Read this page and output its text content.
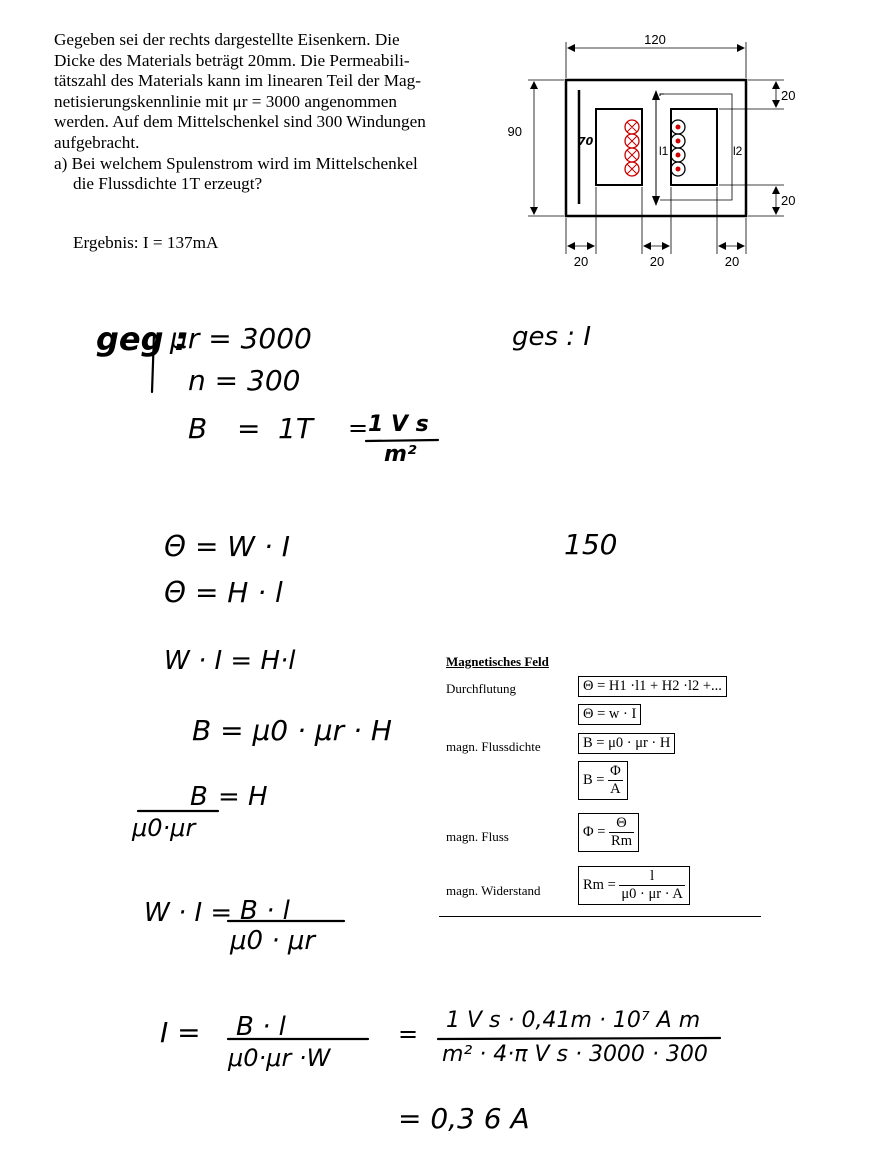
Gegeben sei der rechts dargestellte Eisenkern. Die
Dicke des Materials beträgt 20mm. Die Permeabili-
tätszahl des Materials kann im linearen Teil der Mag-
netisierungskennlinie mit μr = 3000 angenommen
werden. Auf dem Mittelschenkel sind 300 Windungen
aufgebracht.
a) Bei welchem Spulenstrom wird im Mittelschenkel
die Flussdichte 1T erzeugt?
Ergebnis: I = 137mA
120
90
20
20
20	20	20
l1	l2
70
geg :
μr = 3000
n = 300
B = 1T = 1 V s
m²
ges : I
Θ = W · I
Θ = H · l
150
W · I = H·l
B = μ0 · μr · H
B = H
μ0·μr
W · I = B · l
μ0 · μr
I = B · l
μ0·μr ·W
= 1 V s · 0,41m · 10⁷ A m
m² · 4·π V s · 3000 · 300
= 0,3 6 A
Magnetisches Feld
Durchflutung	Θ = H1 ·l1 + H2 ·l2 +...
Θ = w · I
magn. Flussdichte	B = μ0 · μr · H
$B = \frac{\Phi}{A}$
magn. Fluss	$\Phi = \frac{\Theta}{Rm}$
magn. Widerstand	$Rm = \frac{l}{\mu 0 \cdot \mu r \cdot A}$
